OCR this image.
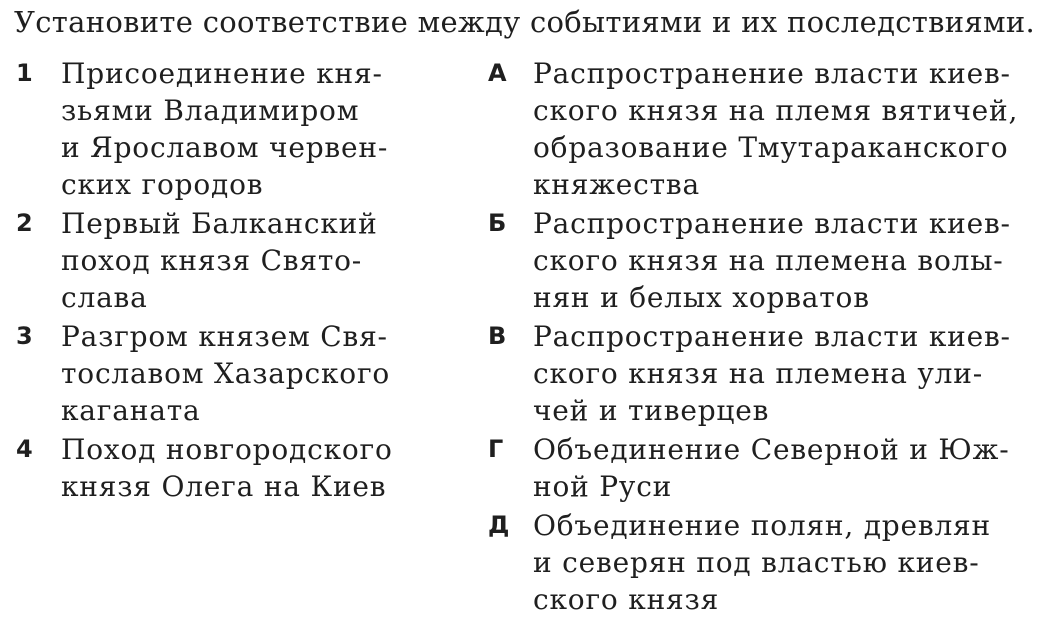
Установите соответствие между событиями и их последствиями.
1 Присоединение кня-
зьями Владимиром
и Ярославом червен-
ских городов
2 Первый Балканский
поход князя Свято-
слава
3 Разгром князем Свя-
тославом Хазарского
каганата
4 Поход новгородского
князя Олега на Киев
А Распространение власти киев-
ского князя на племя вятичей,
образование Тмутараканского
княжества
Б Распространение власти киев-
ского князя на племена волы-
нян и белых хорватов
В Распространение власти киев-
ского князя на племена ули-
чей и тиверцев
Г Объединение Северной и Юж-
ной Руси
Д Объединение полян, древлян
и северян под властью киев-
ского князя
